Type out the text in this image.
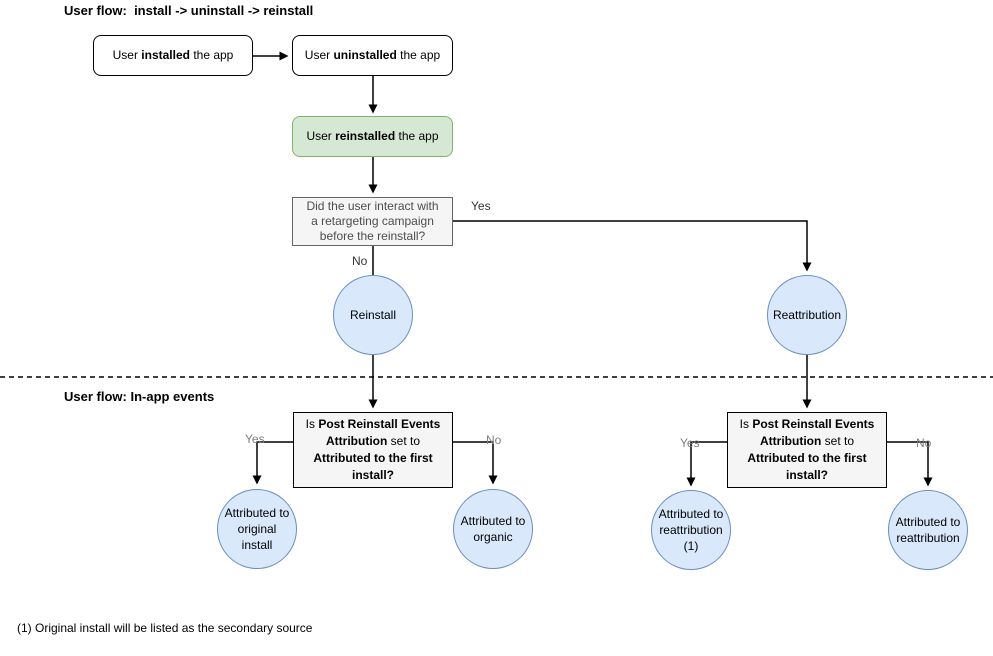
User flow:  install -> uninstall -> reinstall
User installed the app	User uninstalled the app
User reinstalled the app
Did the user interact with a retargeting campaign before the reinstall?
Yes
No
Reinstall	Reattribution
User flow: In-app events
Is Post Reinstall Events
Attribution set to
Attributed to the first
install?
Is Post Reinstall Events
Attribution set to
Attributed to the first
install?
Yes	No	Yes	No
Attributed to original install
Attributed to organic
Attributed to reattribution (1)
Attributed to reattribution
(1) Original install will be listed as the secondary source
